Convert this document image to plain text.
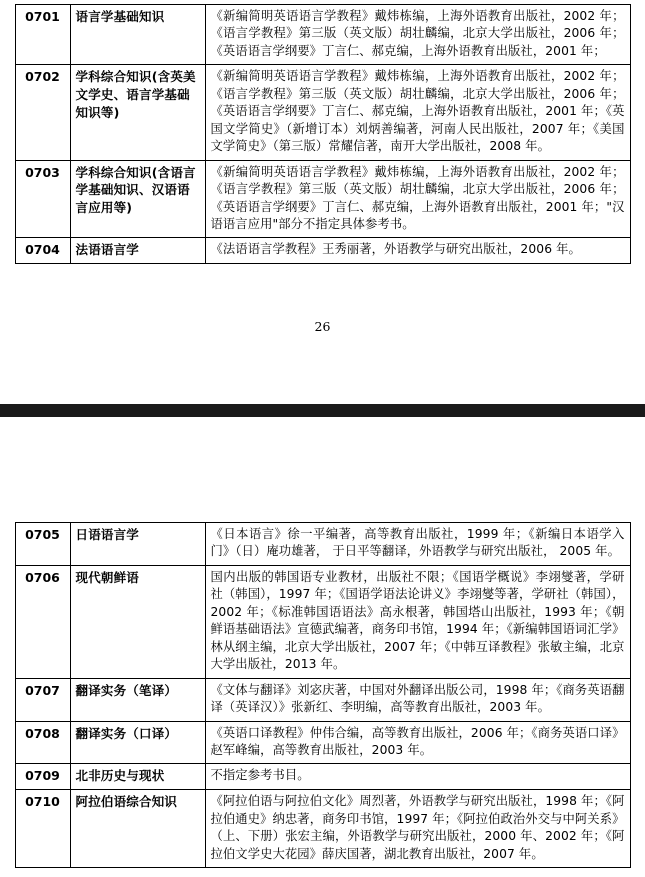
0701	语言学基础知识	《新编简明英语语言学教程》戴炜栋编，上海外语教育出版社，2002 年；《语言学教程》第三版（英文版）胡壮麟编，北京大学出版社，2006 年；《英语语言学纲要》丁言仁、郝克编，上海外语教育出版社，2001 年；
0702	学科综合知识(含英美文学史、语言学基础知识等)	《新编简明英语语言学教程》戴炜栋编，上海外语教育出版社，2002 年；《语言学教程》第三版（英文版）胡壮麟编，北京大学出版社，2006 年；《英语语言学纲要》丁言仁、郝克编，上海外语教育出版社，2001 年；《英国文学简史》（新增订本）刘炳善编著，河南人民出版社，2007 年；《美国文学简史》（第三版）常耀信著，南开大学出版社，2008 年。
0703	学科综合知识(含语言学基础知识、汉语语言应用等)	《新编简明英语语言学教程》戴炜栋编，上海外语教育出版社，2002 年；《语言学教程》第三版（英文版）胡壮麟编，北京大学出版社，2006 年；《英语语言学纲要》丁言仁、郝克编，上海外语教育出版社，2001 年；"汉语语言应用"部分不指定具体参考书。
0704	法语语言学	《法语语言学教程》王秀丽著，外语教学与研究出版社，2006 年。
26
0705	日语语言学	《日本语言》徐一平编著，高等教育出版社，1999 年；《新编日本语学入门》（日）庵功雄著， 于日平等翻译，外语教学与研究出版社， 2005 年。
0706	现代朝鲜语	国内出版的韩国语专业教材，出版社不限；《国语学概说》李翊燮著，学研社（韩国），1997 年；《国语学语法论讲义》李翊燮等著，学研社（韩国）， 2002 年；《标准韩国语语法》高永根著，韩国塔山出版社，1993 年；《朝鲜语基础语法》宣德武编著，商务印书馆，1994 年；《新编韩国语词汇学》林从纲主编，北京大学出版社，2007 年；《中韩互译教程》张敏主编，北京大学出版社，2013 年。
0707	翻译实务（笔译）	《文体与翻译》刘宓庆著，中国对外翻译出版公司，1998 年；《商务英语翻译（英译汉）》张新红、李明编，高等教育出版社，2003 年。
0708	翻译实务（口译）	《英语口译教程》仲伟合编，高等教育出版社，2006 年；《商务英语口译》赵军峰编，高等教育出版社，2003 年。
0709	北非历史与现状	不指定参考书目。
0710	阿拉伯语综合知识	《阿拉伯语与阿拉伯文化》周烈著，外语教学与研究出版社，1998 年；《阿拉伯通史》纳忠著，商务印书馆，1997 年；《阿拉伯政治外交与中阿关系》（上、下册）张宏主编，外语教学与研究出版社，2000 年、2002 年；《阿拉伯文学史大花园》薛庆国著，湖北教育出版社，2007 年。
